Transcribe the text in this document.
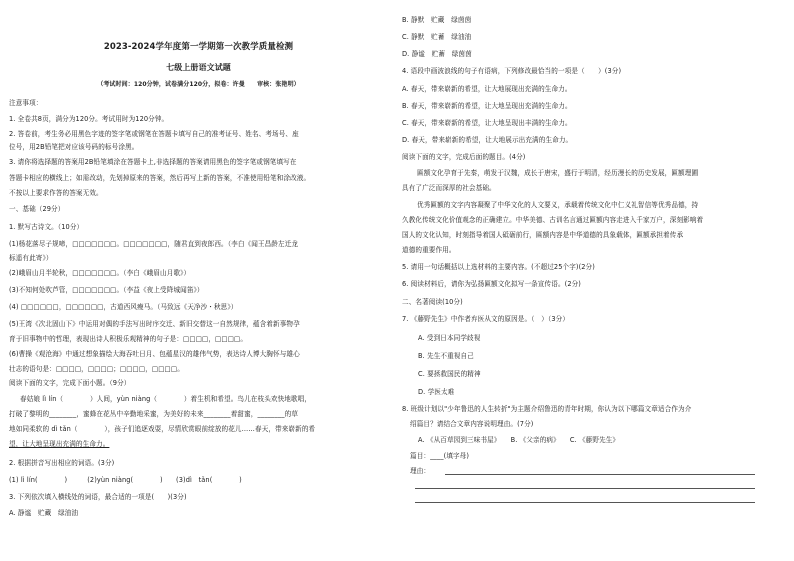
2023-2024学年度第一学期第一次教学质量检测
七级上册语文试题
（考试时间：120分钟，试卷满分120分，拟卷：许曼　　审核：张艳明）
注意事项：
1. 全卷共8页，满分为120分。考试用时为120分钟。
2. 答卷前，考生务必用黑色字迹的签字笔或钢笔在答题卡填写自己的准考证号、姓名、考场号、座
位号，用2B铅笔把对应该号码的标号涂黑。
3. 请你将选择题的答案用2B铅笔填涂在答题卡上,非选择题的答案请用黑色的签字笔或钢笔填写在
答题卡相应的横线上；如需改动，先划掉原来的答案，然后再写上新的答案，不准使用铅笔和涂改液。
不按以上要求作答的答案无效。
一、基础（29分）
1. 默写古诗文。（10分）
(1)杨花落尽子规啼，□□□□□□□。□□□□□□□，随君直到夜郎西。（李白《闻王昌龄左迁龙
标遥有此寄》）
(2)峨眉山月半轮秋，□□□□□□□。（李白《峨眉山月歌》）
(3)不知何处吹芦管，□□□□□□□。（李益《夜上受降城闻笛》）
(4) □□□□□□，□□□□□□，古道西风瘦马。（马致远《天净沙・秋思》）
(5)王湾《次北固山下》中运用对偶的手法写出时序交迁、新旧交替这一自然规律，蕴含着新事物孕
育于旧事物中的哲理，表现出诗人积极乐观精神的句子是：□□□□，□□□□。
(6)曹操《观沧海》中通过想象描绘大海吞吐日月、包蕴星汉的雄伟气势，表达诗人博大胸怀与雄心
壮志的语句是：□□□□，□□□□；□□□□，□□□□。
阅读下面的文字，完成下面小题。（9分）
春姑娘 lì lín（　　　　）人间，yùn niàng（　　　　）着生机和希望。鸟儿在枝头欢快地歌唱，
打破了黎明的________，蜜蜂在花丛中辛勤地采蜜，为美好的未来________着甜蜜，________的草
地如同柔软的 dì tǎn（　　　　），孩子们追逐戏耍，尽情欣赏眼前绽放的花儿……春天，带来崭新的希
望，让大地呈现出充满的生命力。
2. 根据拼音写出相应的词语。(3分)
(1) lì lín(　　　　)　　　(2)yùn niàng(　　　　)　　(3)dì　tǎn(　　　　)
3. 下列依次填入横线处的词语，最合适的一项是(　　)(3分)
A. 静谧　贮藏　绿油油
B. 静默　贮藏　绿茵茵
C. 静默　贮蓄　绿油油
D. 静谧　贮蓄　绿茵茵
4. 语段中画波浪线的句子有语病，下列修改最恰当的一项是（　　）(3分)
A. 春天，带来崭新的希望，让大地展现出充满的生命力。
B. 春天，带来崭新的希望，让大地呈现出充满的生命力。
C. 春天，带来崭新的希望，让大地呈现出丰满的生命力。
D. 春天，带来崭新的希望，让大地展示出充满的生命力。
阅读下面的文字，完成后面的题目。(4分)
匾额文化孕育于先秦，萌发于汉魏，成长于唐宋，盛行于明清，经历漫长的历史发展，匾额理圃
具有了广泛而深厚的社会基础。
优秀匾额的文字内容凝聚了中华文化的人文要义，承载着传统文化中仁义礼智信等优秀品德，持
久教化传统文化价值观念的正确建立。中华美德、古训名言通过匾额内容走进入千家万户，深刻影响着
国人的文化认知，时刻指导着国人砥砺前行，匾额内容是中华道德的具象载体，匾额承担着传承
道德的重要作用。
5. 请用一句话概括以上选材料的主要内容。(不超过25个字)(2分)
6. 阅读材料后，请你为弘扬匾额文化拟写一条宣传语。(2分)
二、名著阅读(10分)
7. 《藤野先生》中作者弃医从文的原因是。（　）（3分）
A. 受到日本同学歧视
B. 先生不重视自己
C. 要拯救国民的精神
D. 学医太难
8. 班级计划以"少年鲁迅的人生转折"为主题介绍鲁迅的青年时期，你认为以下哪篇文章适合作为介
绍篇目？请结合文章内容说明理由。(7分)
A. 《从百草园到三味书屋》　　B. 《父亲的病》　　C. 《藤野先生》
篇目：____(填字母)
理由：
